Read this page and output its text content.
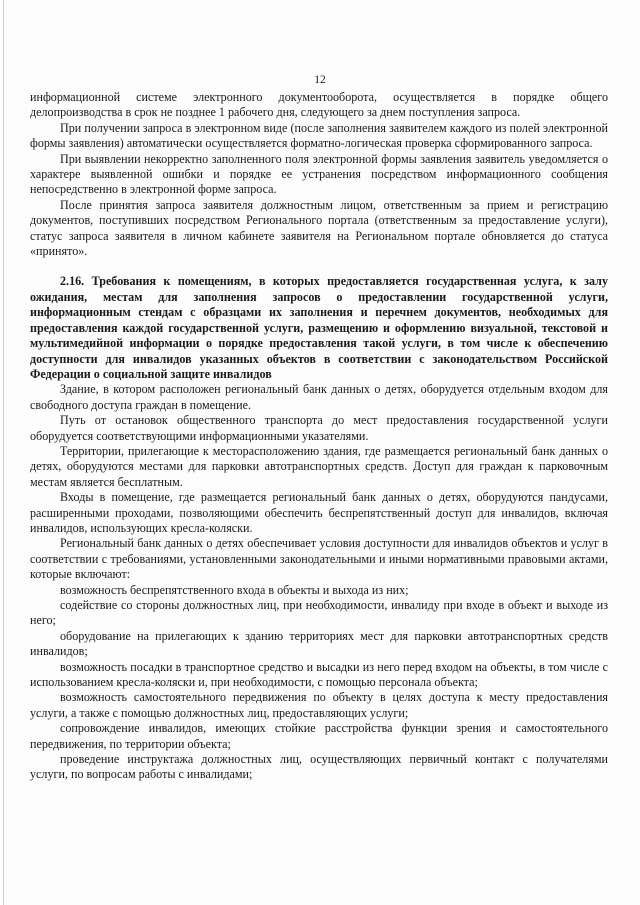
12

информационной системе электронного документооборота, осуществляется в порядке общего делопроизводства в срок не позднее 1 рабочего дня, следующего за днем поступления запроса.

При получении запроса в электронном виде (после заполнения заявителем каждого из полей электронной формы заявления) автоматически осуществляется форматно-логическая проверка сформированного запроса.

При выявлении некорректно заполненного поля электронной формы заявления заявитель уведомляется о характере выявленной ошибки и порядке ее устранения посредством информационного сообщения непосредственно в электронной форме запроса.

После принятия запроса заявителя должностным лицом, ответственным за прием и регистрацию документов, поступивших посредством Регионального портала (ответственным за предоставление услуги), статус запроса заявителя в личном кабинете заявителя на Региональном портале обновляется до статуса «принято».

2.16. Требования к помещениям, в которых предоставляется государственная услуга, к залу ожидания, местам для заполнения запросов о предоставлении государственной услуги, информационным стендам с образцами их заполнения и перечнем документов, необходимых для предоставления каждой государственной услуги, размещению и оформлению визуальной, текстовой и мультимедийной информации о порядке предоставления такой услуги, в том числе к обеспечению доступности для инвалидов указанных объектов в соответствии с законодательством Российской Федерации о социальной защите инвалидов

Здание, в котором расположен региональный банк данных о детях, оборудуется отдельным входом для свободного доступа граждан в помещение.

Путь от остановок общественного транспорта до мест предоставления государственной услуги оборудуется соответствующими информационными указателями.

Территории, прилегающие к месторасположению здания, где размещается региональный банк данных о детях, оборудуются местами для парковки автотранспортных средств. Доступ для граждан к парковочным местам является бесплатным.

Входы в помещение, где размещается региональный банк данных о детях, оборудуются пандусами, расширенными проходами, позволяющими обеспечить беспрепятственный доступ для инвалидов, включая инвалидов, использующих кресла-коляски.

Региональный банк данных о детях обеспечивает условия доступности для инвалидов объектов и услуг в соответствии с требованиями, установленными законодательными и иными нормативными правовыми актами, которые включают:

возможность беспрепятственного входа в объекты и выхода из них;

содействие со стороны должностных лиц, при необходимости, инвалиду при входе в объект и выходе из него;

оборудование на прилегающих к зданию территориях мест для парковки автотранспортных средств инвалидов;

возможность посадки в транспортное средство и высадки из него перед входом на объекты, в том числе с использованием кресла-коляски и, при необходимости, с помощью персонала объекта;

возможность самостоятельного передвижения по объекту в целях доступа к месту предоставления услуги, а также с помощью должностных лиц, предоставляющих услуги;

сопровождение инвалидов, имеющих стойкие расстройства функции зрения и самостоятельного передвижения, по территории объекта;

проведение инструктажа должностных лиц, осуществляющих первичный контакт с получателями услуги, по вопросам работы с инвалидами;
